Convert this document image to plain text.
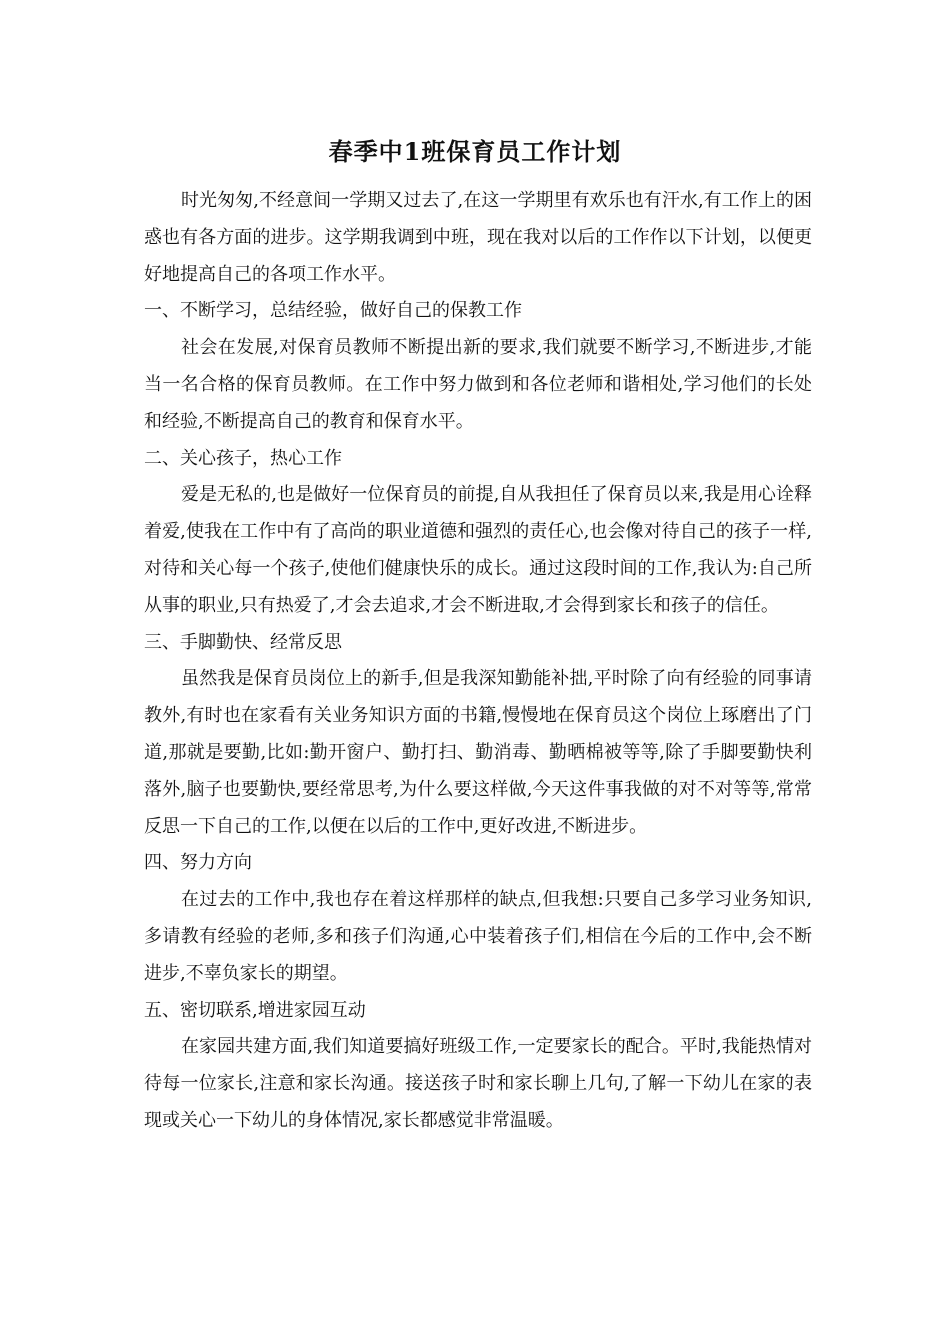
春季中1班保育员工作计划

时光匆匆,不经意间一学期又过去了,在这一学期里有欢乐也有汗水,有工作上的困惑也有各方面的进步。这学期我调到中班，现在我对以后的工作作以下计划，以便更好地提高自己的各项工作水平。

一、不断学习，总结经验，做好自己的保教工作

社会在发展,对保育员教师不断提出新的要求,我们就要不断学习,不断进步,才能当一名合格的保育员教师。在工作中努力做到和各位老师和谐相处,学习他们的长处和经验,不断提高自己的教育和保育水平。

二、关心孩子，热心工作

爱是无私的,也是做好一位保育员的前提,自从我担任了保育员以来,我是用心诠释着爱,使我在工作中有了高尚的职业道德和强烈的责任心,也会像对待自己的孩子一样,对待和关心每一个孩子,使他们健康快乐的成长。通过这段时间的工作,我认为:自己所从事的职业,只有热爱了,才会去追求,才会不断进取,才会得到家长和孩子的信任。

三、手脚勤快、经常反思

虽然我是保育员岗位上的新手,但是我深知勤能补拙,平时除了向有经验的同事请教外,有时也在家看有关业务知识方面的书籍,慢慢地在保育员这个岗位上琢磨出了门道,那就是要勤,比如:勤开窗户、勤打扫、勤消毒、勤晒棉被等等,除了手脚要勤快利落外,脑子也要勤快,要经常思考,为什么要这样做,今天这件事我做的对不对等等,常常反思一下自己的工作,以便在以后的工作中,更好改进,不断进步。

四、努力方向

在过去的工作中,我也存在着这样那样的缺点,但我想:只要自己多学习业务知识,多请教有经验的老师,多和孩子们沟通,心中装着孩子们,相信在今后的工作中,会不断进步,不辜负家长的期望。

五、密切联系,增进家园互动

在家园共建方面,我们知道要搞好班级工作,一定要家长的配合。平时,我能热情对待每一位家长,注意和家长沟通。接送孩子时和家长聊上几句,了解一下幼儿在家的表现或关心一下幼儿的身体情况,家长都感觉非常温暖。
